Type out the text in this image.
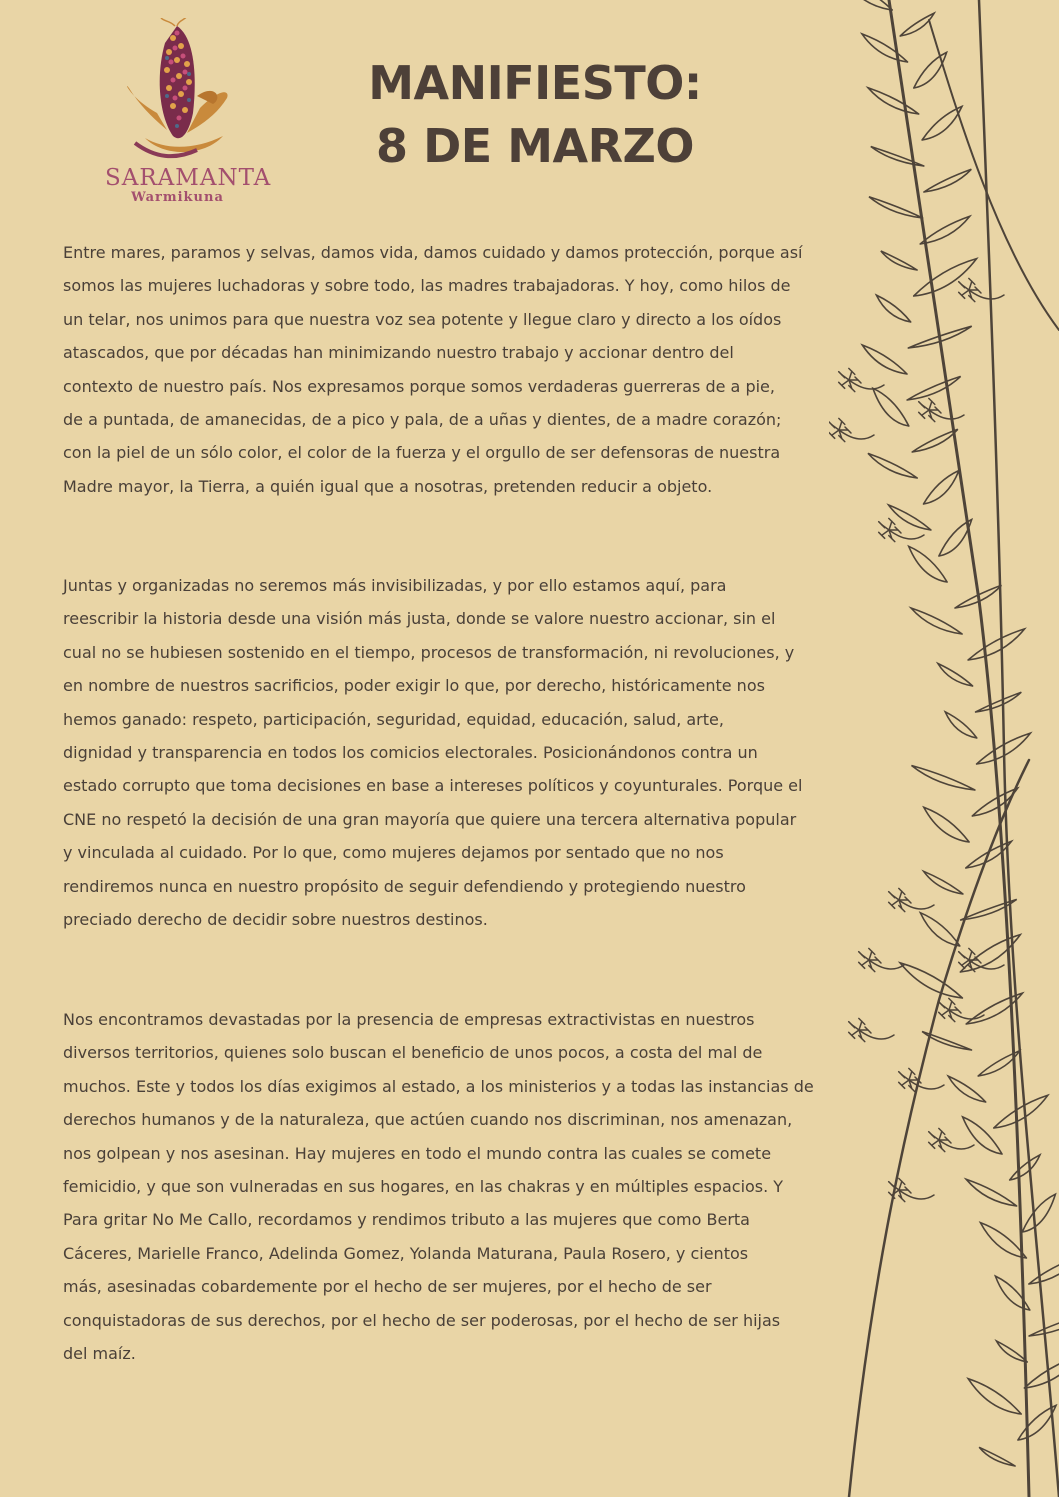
SARAMANTA
Warmikuna
MANIFIESTO:
8 DE MARZO
Entre mares, paramos y selvas, damos vida, damos cuidado y damos protección, porque así
somos las mujeres luchadoras y sobre todo, las madres trabajadoras. Y hoy, como hilos de
un telar, nos unimos para que nuestra voz sea potente y llegue claro y directo a los oídos
atascados, que por décadas han minimizando nuestro trabajo y accionar dentro del
contexto de nuestro país. Nos expresamos porque somos verdaderas guerreras de a pie,
de a puntada, de amanecidas, de a pico y pala, de a uñas y dientes, de a madre corazón;
con la piel de un sólo color, el color de la fuerza y el orgullo de ser defensoras de nuestra
Madre mayor, la Tierra, a quién igual que a nosotras, pretenden reducir a objeto.
Juntas y organizadas no seremos más invisibilizadas, y por ello estamos aquí, para
reescribir la historia desde una visión más justa, donde se valore nuestro accionar, sin el
cual no se hubiesen sostenido en el tiempo, procesos de transformación, ni revoluciones, y
en nombre de nuestros sacrificios, poder exigir lo que, por derecho, históricamente nos
hemos ganado: respeto, participación, seguridad, equidad, educación, salud, arte,
dignidad y transparencia en todos los comicios electorales. Posicionándonos contra un
estado corrupto que toma decisiones en base a intereses políticos y coyunturales. Porque el
CNE no respetó la decisión de una gran mayoría que quiere una tercera alternativa popular
y vinculada al cuidado. Por lo que, como mujeres dejamos por sentado que no nos
rendiremos nunca en nuestro propósito de seguir defendiendo y protegiendo nuestro
preciado derecho de decidir sobre nuestros destinos.
Nos encontramos devastadas por la presencia de empresas extractivistas en nuestros
diversos territorios, quienes solo buscan el beneficio de unos pocos, a costa del mal de
muchos. Este y todos los días exigimos al estado, a los ministerios y a todas las instancias de
derechos humanos y de la naturaleza, que actúen cuando nos discriminan, nos amenazan,
nos golpean y nos asesinan. Hay mujeres en todo el mundo contra las cuales se comete
femicidio, y que son vulneradas en sus hogares, en las chakras y en múltiples espacios. Y
Para gritar No Me Callo, recordamos y rendimos tributo a las mujeres que como Berta
Cáceres, Marielle Franco, Adelinda Gomez, Yolanda Maturana, Paula Rosero, y cientos
más, asesinadas cobardemente por el hecho de ser mujeres, por el hecho de ser
conquistadoras de sus derechos, por el hecho de ser poderosas, por el hecho de ser hijas
del maíz.
